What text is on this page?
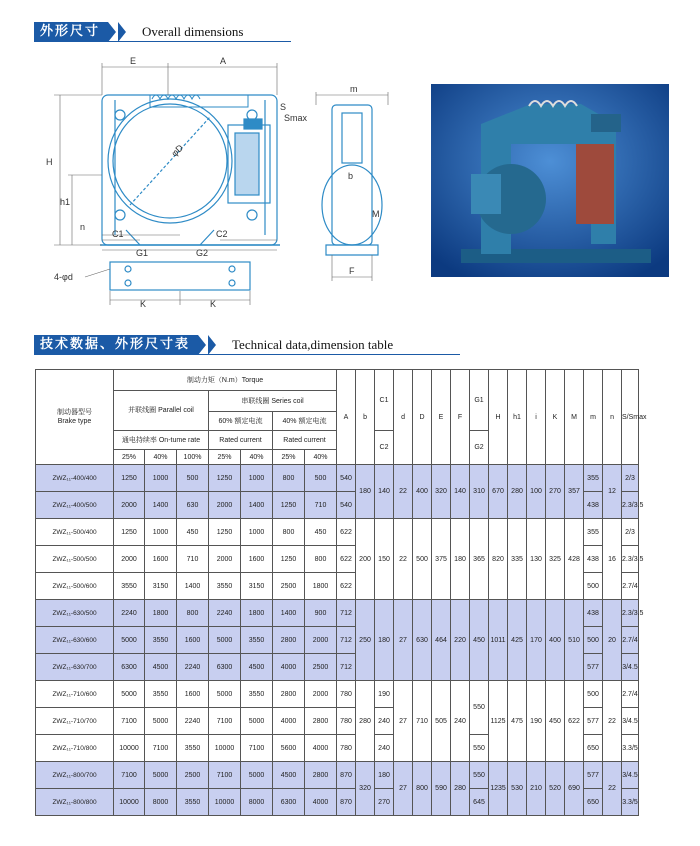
外形尺寸	Overall dimensions
E	A
H
h1
n
C1
G1	G2
C2
φD
S
Smax
m
b
M
F
4-φd
K	K
技术数据、外形尺寸表	Technical data,dimension table
制动器型号
Brake type	制动力矩（N.m）Torque							A	b	C1	d	D	E	F	G1	H	h1	i	K	M	m	n	S/Smax
	并联线圈 Parallel coil			串联线圈 Series coil																			
				60% 额定电流		40% 额定电流																	
	通电持续率 On-tume rate			Rated current		Rated current				C2					G2								
	25%	40%	100%	25%	40%	25%	40%																
ZWZ₁₁-400/400	1250	1000	500	1250	1000	800	500	540	180	140	22	400	320	140	310	670	280	100	270	357	355	12	2/3
ZWZ₁₁-400/500	2000	1400	630	2000	1400	1250	710	540													438		2.3/3.5
ZWZ₁₁-500/400	1250	1000	450	1250	1000	800	450	622	200	150	22	500	375	180	365	820	335	130	325	428	355	16	2/3
ZWZ₁₁-500/500	2000	1600	710	2000	1600	1250	800	622													438		2.3/3.5
ZWZ₁₁-500/600	3550	3150	1400	3550	3150	2500	1800	622													500		2.7/4
ZWZ₁₁-630/500	2240	1800	800	2240	1800	1400	900	712	250	180	27	630	464	220	450	1011	425	170	400	510	438	20	2.3/3.5
ZWZ₁₁-630/600	5000	3550	1600	5000	3550	2800	2000	712													500		2.7/4
ZWZ₁₁-630/700	6300	4500	2240	6300	4500	4000	2500	712													577		3/4.5
ZWZ₁₁-710/600	5000	3550	1600	5000	3550	2800	2000	780	280	190	27	710	505	240	550	1125	475	190	450	622	500	22	2.7/4
ZWZ₁₁-710/700	7100	5000	2240	7100	5000	4000	2800	780		240											577		3/4.5
ZWZ₁₁-710/800	10000	7100	3550	10000	7100	5600	4000	780		240					550						650		3.3/5
ZWZ₁₁-800/700	7100	5000	2500	7100	5000	4500	2800	870	320	180	27	800	590	280	550	1235	530	210	520	690	577	22	3/4.5
ZWZ₁₁-800/800	10000	8000	3550	10000	8000	6300	4000	870		270					645						650		3.3/5
